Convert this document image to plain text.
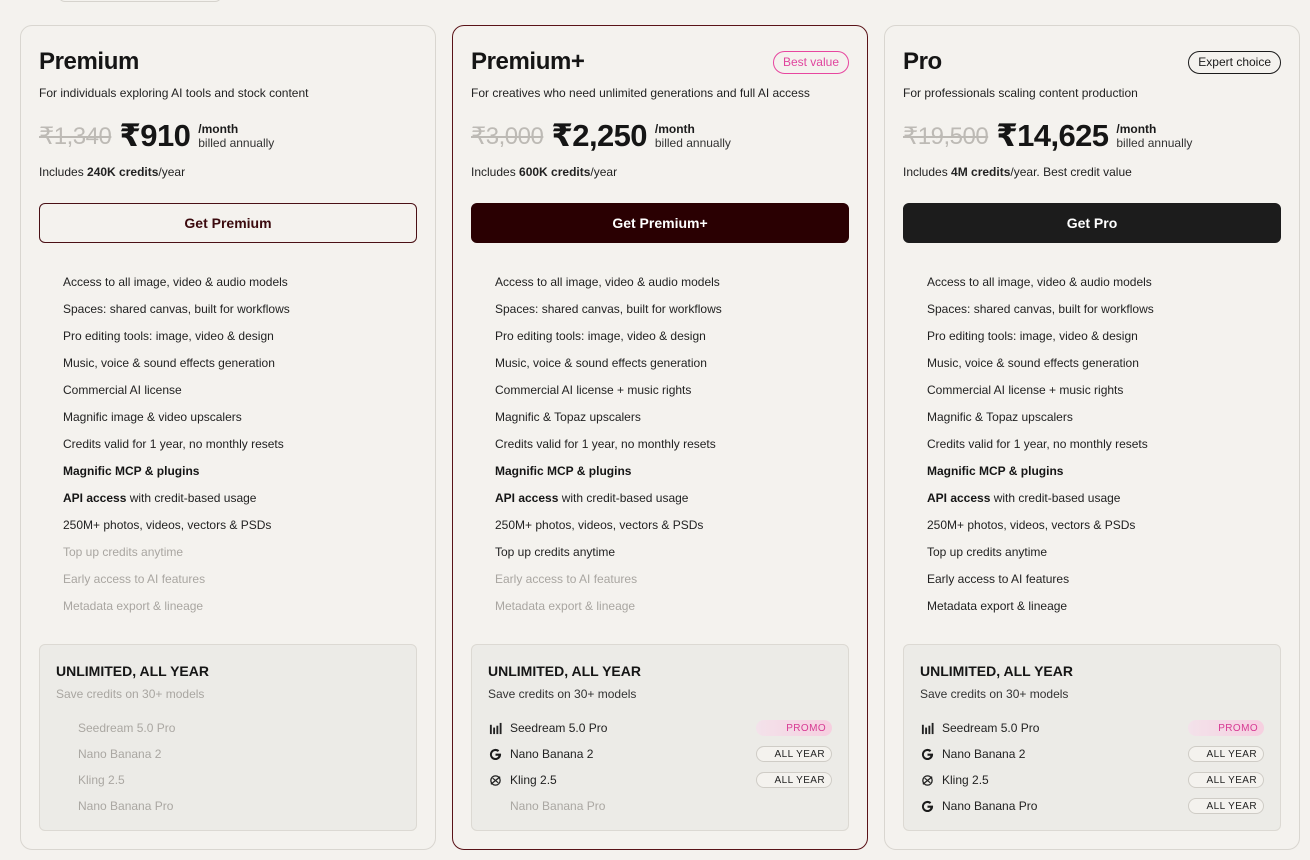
Premium
For individuals exploring AI tools and stock content
₹1,340 ₹910 /month
billed annually
Includes 240K credits/year
Get Premium
Access to all image, video & audio models
Spaces: shared canvas, built for workflows
Pro editing tools: image, video & design
Music, voice & sound effects generation
Commercial AI license
Magnific image & video upscalers
Credits valid for 1 year, no monthly resets
Magnific MCP & plugins
API access with credit-based usage
250M+ photos, videos, vectors & PSDs
Top up credits anytime
Early access to AI features
Metadata export & lineage
UNLIMITED, ALL YEAR
Save credits on 30+ models
Seedream 5.0 Pro
Nano Banana 2
Kling 2.5
Nano Banana Pro
Premium+	Best value
For creatives who need unlimited generations and full AI access
₹3,000 ₹2,250 /month
billed annually
Includes 600K credits/year
Get Premium+
Access to all image, video & audio models
Spaces: shared canvas, built for workflows
Pro editing tools: image, video & design
Music, voice & sound effects generation
Commercial AI license + music rights
Magnific & Topaz upscalers
Credits valid for 1 year, no monthly resets
Magnific MCP & plugins
API access with credit-based usage
250M+ photos, videos, vectors & PSDs
Top up credits anytime
Early access to AI features
Metadata export & lineage
UNLIMITED, ALL YEAR
Save credits on 30+ models
Seedream 5.0 Pro	PROMO
Nano Banana 2	ALL YEAR
Kling 2.5	ALL YEAR
Nano Banana Pro
Pro	Expert choice
For professionals scaling content production
₹19,500 ₹14,625 /month
billed annually
Includes 4M credits/year. Best credit value
Get Pro
Access to all image, video & audio models
Spaces: shared canvas, built for workflows
Pro editing tools: image, video & design
Music, voice & sound effects generation
Commercial AI license + music rights
Magnific & Topaz upscalers
Credits valid for 1 year, no monthly resets
Magnific MCP & plugins
API access with credit-based usage
250M+ photos, videos, vectors & PSDs
Top up credits anytime
Early access to AI features
Metadata export & lineage
UNLIMITED, ALL YEAR
Save credits on 30+ models
Seedream 5.0 Pro	PROMO
Nano Banana 2	ALL YEAR
Kling 2.5	ALL YEAR
Nano Banana Pro	ALL YEAR
